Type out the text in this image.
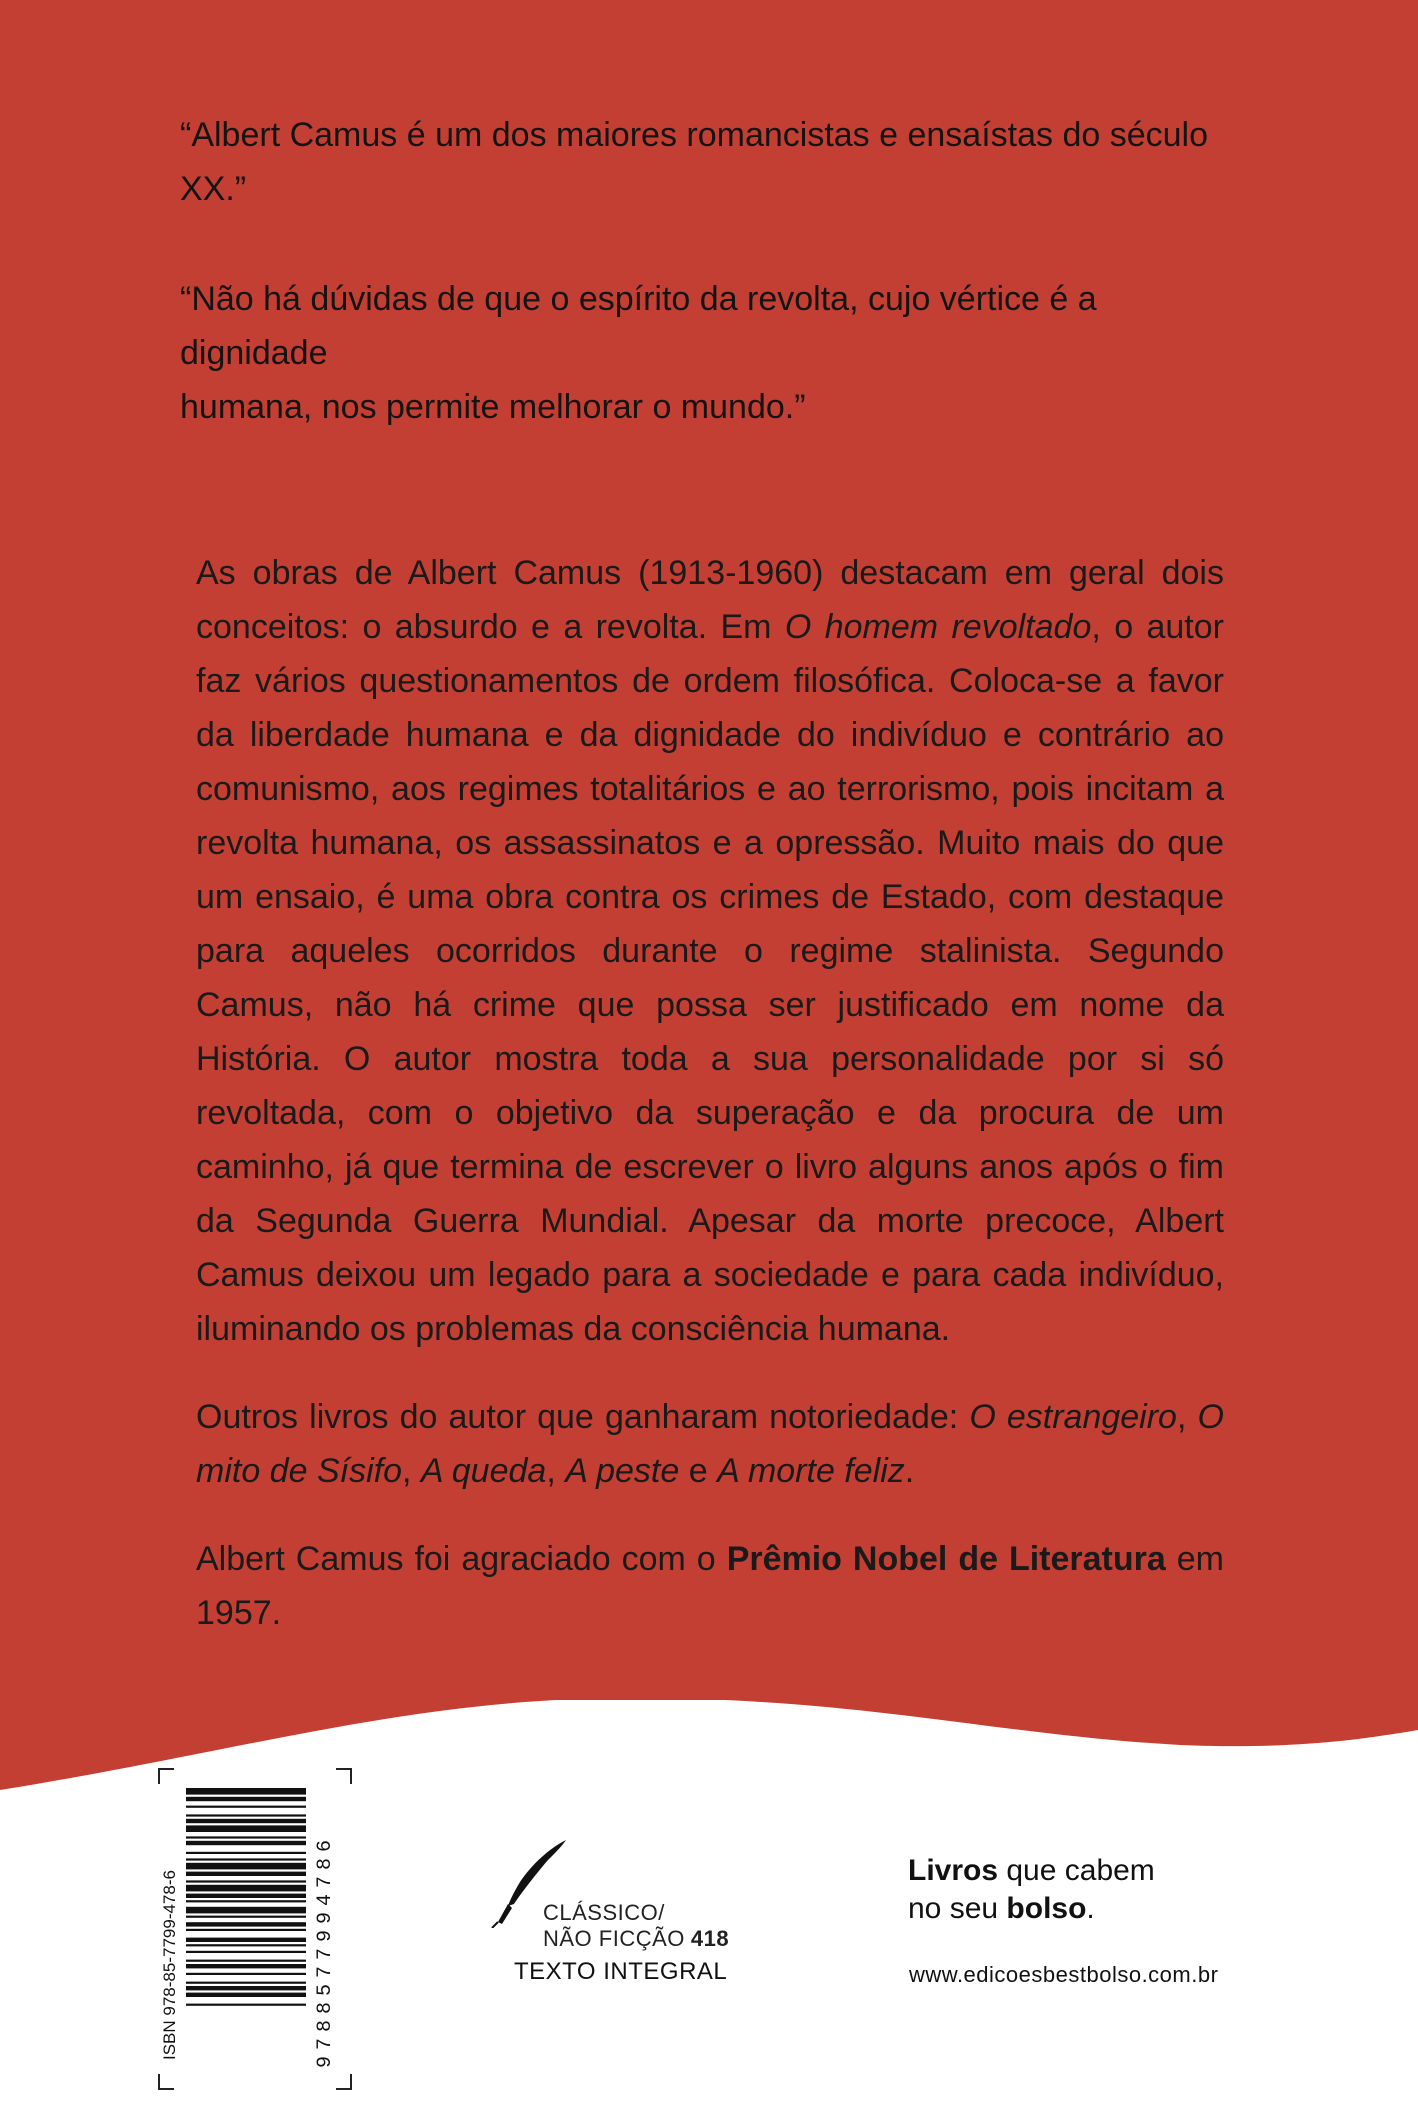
“Albert Camus é um dos maiores romancistas e ensaístas do século XX.”
“Não há dúvidas de que o espírito da revolta, cujo vértice é a dignidade
humana, nos permite melhorar o mundo.”

As obras de Albert Camus (1913-1960) destacam em geral dois conceitos: o absurdo e a revolta. Em O homem revoltado, o autor faz vários questionamentos de ordem filosófica. Coloca-se a favor da liberdade humana e da dignidade do indivíduo e contrário ao comunismo, aos regimes totalitários e ao terrorismo, pois incitam a revolta humana, os assassinatos e a opressão. Muito mais do que um ensaio, é uma obra contra os crimes de Estado, com destaque para aqueles ocorridos durante o regime stalinista. Segundo Camus, não há crime que possa ser justificado em nome da História. O autor mostra toda a sua personalidade por si só revoltada, com o objetivo da superação e da procura de um caminho, já que termina de escrever o livro alguns anos após o fim da Segunda Guerra Mundial. Apesar da morte precoce, Albert Camus deixou um legado para a sociedade e para cada indivíduo, iluminando os problemas da consciência humana.

Outros livros do autor que ganharam notoriedade: O estrangeiro, O mito de Sísifo, A queda, A peste e A morte feliz.

Albert Camus foi agraciado com o Prêmio Nobel de Literatura em 1957.

ISBN 978-85-7799-478-6	9788577994786	CLÁSSICO/
NÃO FICÇÃO 418
TEXTO INTEGRAL
Livros que cabem
no seu bolso.
www.edicoesbestbolso.com.br
